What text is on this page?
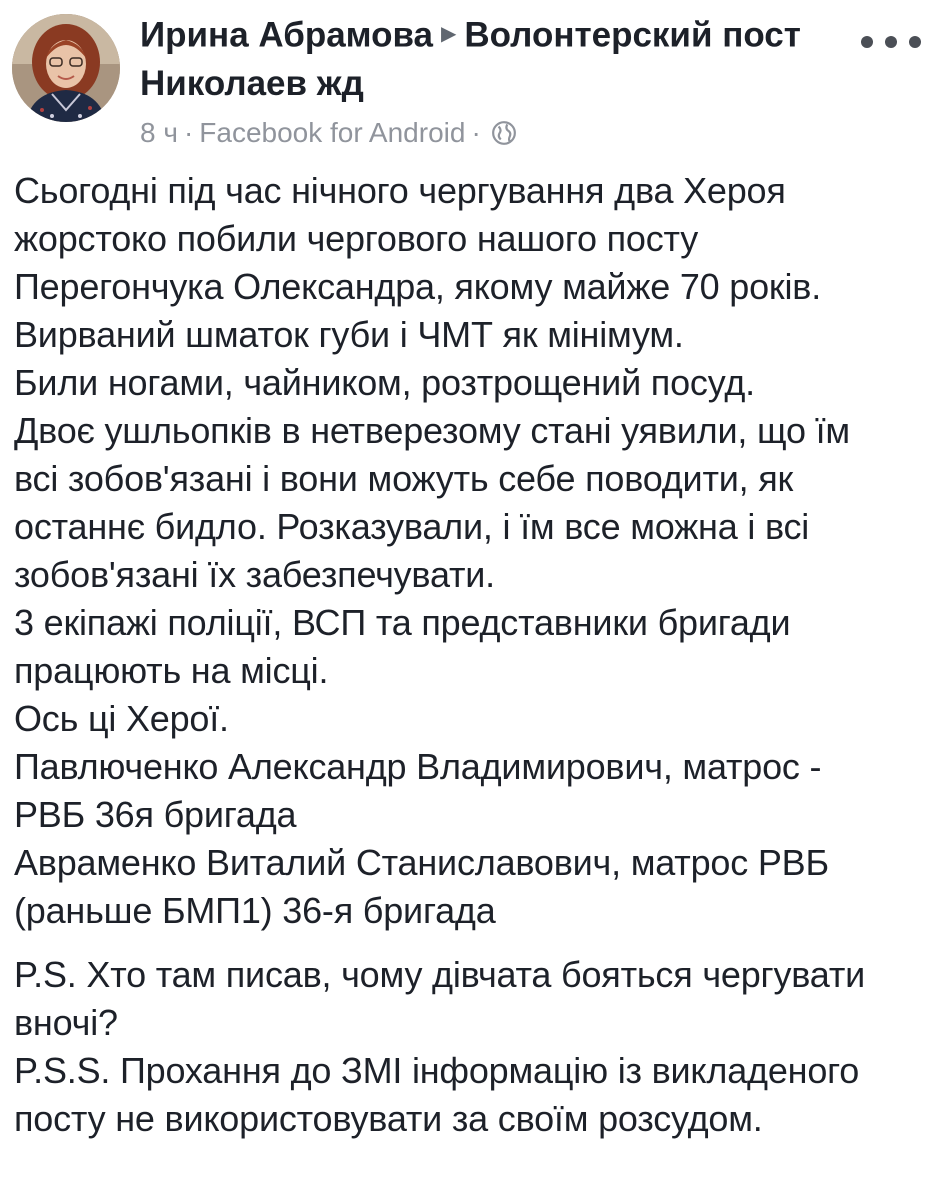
Ирина Абрамова ▶ Волонтерский пост Николаев жд
8 ч · Facebook for Android ·
Сьогодні під час нічного чергування два Хероя
жорстоко побили чергового нашого посту
Перегончука Олександра, якому майже 70 років.
Вирваний шматок губи і ЧМТ як мінімум.
Били ногами, чайником, розтрощений посуд.
Двоє ушльопків в нетверезому стані уявили, що їм
всі зобов'язані і вони можуть себе поводити, як
останнє бидло. Розказували, і їм все можна і всі
зобов'язані їх забезпечувати.
3 екіпажі поліції, ВСП та представники бригади
працюють на місці.
Ось ці Херої.
Павлюченко Александр Владимирович, матрос -
РВБ 36я бригада
Авраменко Виталий Станиславович, матрос РВБ
(раньше БМП1) 36-я бригада
P.S. Хто там писав, чому дівчата бояться чергувати
вночі?
P.S.S. Прохання до ЗМІ інформацію із викладеного
посту не використовувати за своїм розсудом.
